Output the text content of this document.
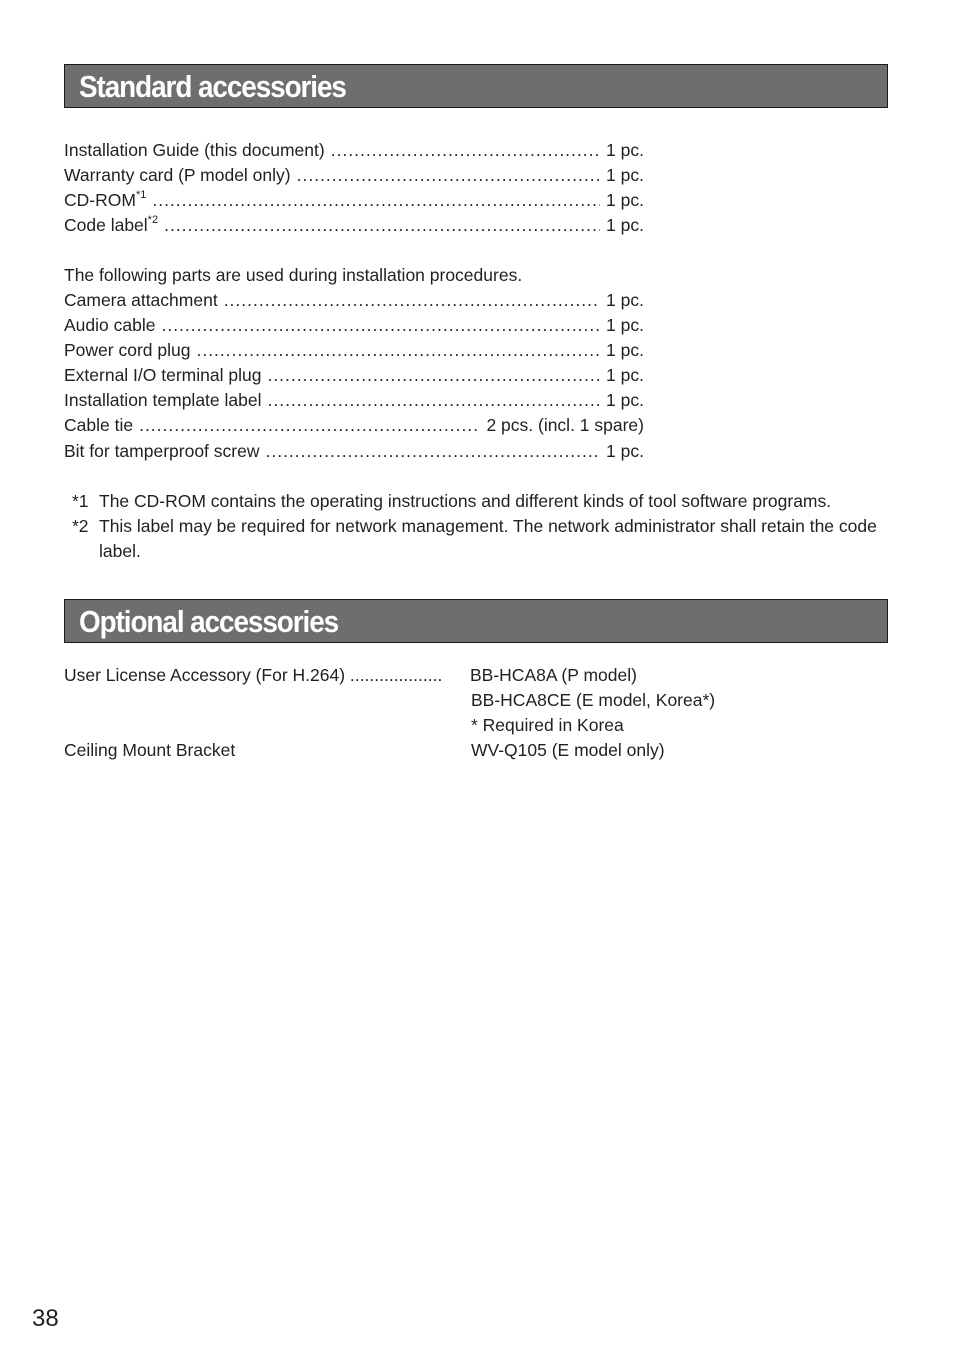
Standard accessories
Installation Guide (this document) .....	1 pc.
Warranty card (P model only) .....	1 pc.
CD-ROM$^{*1}$ .....	1 pc.
Code label$^{*2}$ .....	1 pc.
The following parts are used during installation procedures.
Camera attachment .....	1 pc.
Audio cable .....	1 pc.
Power cord plug .....	1 pc.
External I/O terminal plug .....	1 pc.
Installation template label .....	1 pc.
Cable tie .....	2 pcs. (incl. 1 spare)
Bit for tamperproof screw .....	1 pc.
*1 The CD-ROM contains the operating instructions and different kinds of tool software programs.
*2 This label may be required for network management. The network administrator shall retain the code label.
Optional accessories
User License Accessory (For H.264) ................... BB-HCA8A (P model)
BB-HCA8CE (E model, Korea*)
* Required in Korea
Ceiling Mount Bracket	WV-Q105 (E model only)
38
